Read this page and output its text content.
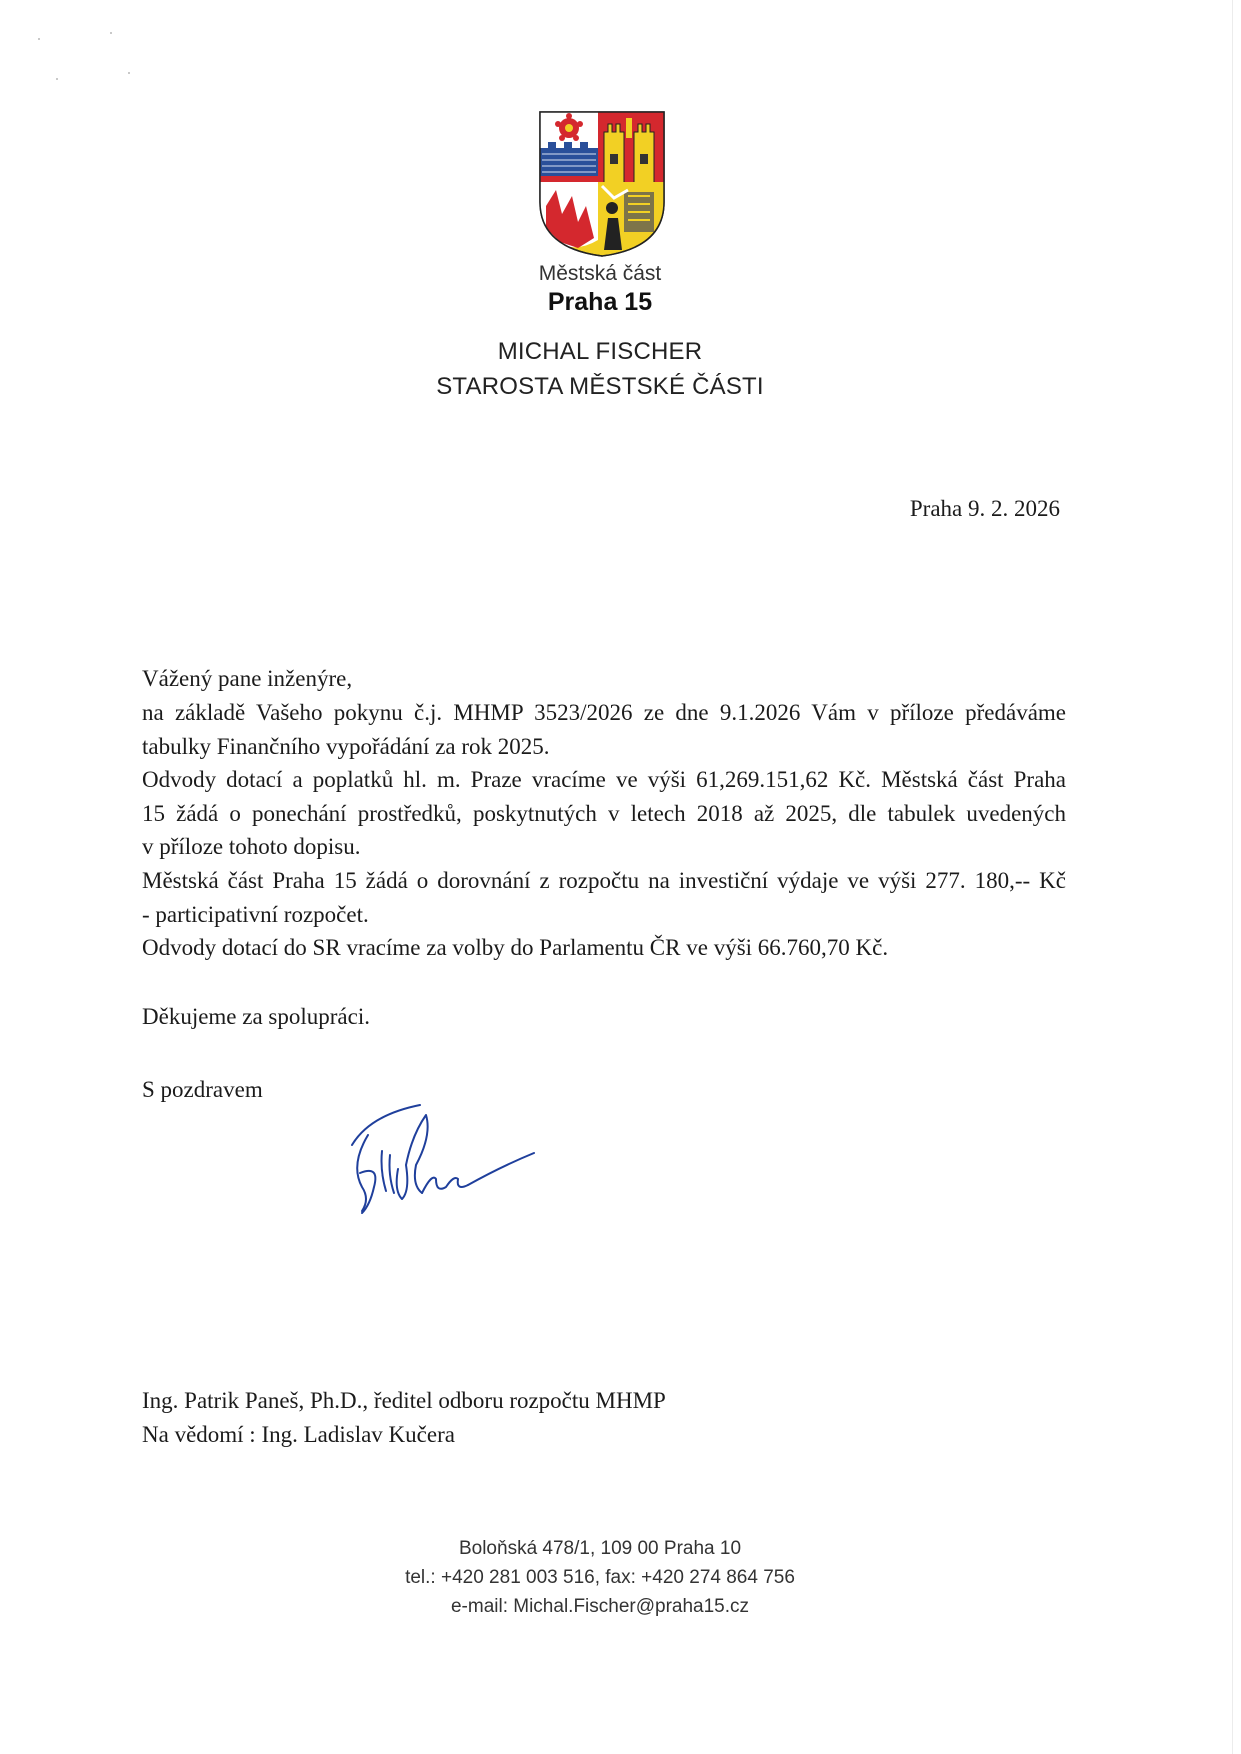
Městská část
Praha 15
MICHAL FISCHER
STAROSTA MĚSTSKÉ ČÁSTI
Praha 9. 2. 2026
Vážený pane inženýre,
na základě Vašeho pokynu č.j. MHMP 3523/2026 ze dne 9.1.2026 Vám v příloze předáváme
tabulky Finančního vypořádání za rok 2025.
Odvody dotací a poplatků hl. m. Praze vracíme ve výši 61,269.151,62 Kč. Městská část Praha
15 žádá o ponechání prostředků, poskytnutých v letech 2018 až 2025, dle tabulek uvedených
v příloze tohoto dopisu.
Městská část Praha 15 žádá o dorovnání z rozpočtu na investiční výdaje ve výši 277. 180,-- Kč
- participativní rozpočet.
Odvody dotací do SR vracíme za volby do Parlamentu ČR ve výši 66.760,70 Kč.
Děkujeme za spolupráci.
S pozdravem
Ing. Patrik Paneš, Ph.D., ředitel odboru rozpočtu MHMP
Na vědomí : Ing. Ladislav Kučera
Boloňská 478/1, 109 00 Praha 10
tel.: +420 281 003 516, fax: +420 274 864 756
e-mail: Michal.Fischer@praha15.cz
